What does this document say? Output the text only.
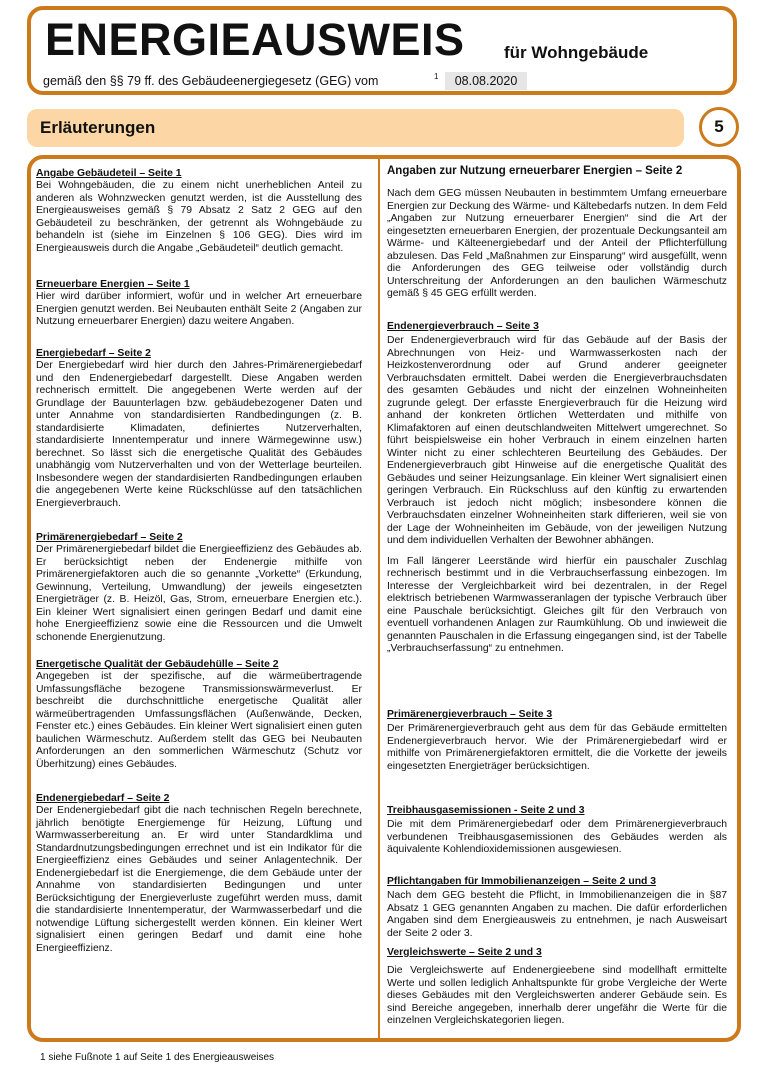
ENERGIEAUSWEIS für Wohngebäude
gemäß den §§ 79 ff. des Gebäudeenergiegesetz (GEG) vom	1	08.08.2020
Erläuterungen	5
Angabe Gebäudeteil – Seite 1

Bei Wohngebäuden, die zu einem nicht unerheblichen Anteil zu anderen als Wohnzwecken genutzt werden, ist die Ausstellung des Energieausweises gemäß § 79 Absatz 2 Satz 2 GEG auf den Gebäudeteil zu beschränken, der getrennt als Wohngebäude zu behandeln ist (siehe im Einzelnen § 106 GEG). Dies wird im Energieausweis durch die Angabe „Gebäudeteil“ deutlich gemacht.

Erneuerbare Energien – Seite 1

Hier wird darüber informiert, wofür und in welcher Art erneuerbare Energien genutzt werden. Bei Neubauten enthält Seite 2 (Angaben zur Nutzung erneuerbarer Energien) dazu weitere Angaben.

Energiebedarf – Seite 2

Der Energiebedarf wird hier durch den Jahres-Primärenergiebedarf und den Endenergiebedarf dargestellt. Diese Angaben werden rechnerisch ermittelt. Die angegebenen Werte werden auf der Grundlage der Bauunterlagen bzw. gebäudebezogener Daten und unter Annahme von standardisierten Randbedingungen (z. B. standardisierte Klimadaten, definiertes Nutzerverhalten, standardisierte Innentemperatur und innere Wärmegewinne usw.) berechnet. So lässt sich die energetische Qualität des Gebäudes unabhängig vom Nutzerverhalten und von der Wetterlage beurteilen. Insbesondere wegen der standardisierten Randbedingungen erlauben die angegebenen Werte keine Rückschlüsse auf den tatsächlichen Energieverbrauch.

Primärenergiebedarf – Seite 2

Der Primärenergiebedarf bildet die Energieeffizienz des Gebäudes ab. Er berücksichtigt neben der Endenergie mithilfe von Primärenergiefaktoren auch die so genannte „Vorkette“ (Erkundung, Gewinnung, Verteilung, Umwandlung) der jeweils eingesetzten Energieträger (z. B. Heizöl, Gas, Strom, erneuerbare Energien etc.). Ein kleiner Wert signalisiert einen geringen Bedarf und damit eine hohe Energieeffizienz sowie eine die Ressourcen und die Umwelt schonende Energienutzung.

Energetische Qualität der Gebäudehülle – Seite 2

Angegeben ist der spezifische, auf die wärmeübertragende Umfassungsfläche bezogene Transmissionswärmeverlust. Er beschreibt die durchschnittliche energetische Qualität aller wärmeübertragenden Umfassungsflächen (Außenwände, Decken, Fenster etc.) eines Gebäudes. Ein kleiner Wert signalisiert einen guten baulichen Wärmeschutz. Außerdem stellt das GEG bei Neubauten Anforderungen an den sommerlichen Wärmeschutz (Schutz vor Überhitzung) eines Gebäudes.

Endenergiebedarf – Seite 2

Der Endenergiebedarf gibt die nach technischen Regeln berechnete, jährlich benötigte Energiemenge für Heizung, Lüftung und Warmwasserbereitung an. Er wird unter Standardklima und Standardnutzungsbedingungen errechnet und ist ein Indikator für die Energieeffizienz eines Gebäudes und seiner Anlagentechnik. Der Endenergiebedarf ist die Energiemenge, die dem Gebäude unter der Annahme von standardisierten Bedingungen und unter Berücksichtigung der Energieverluste zugeführt werden muss, damit die standardisierte Innentemperatur, der Warmwasserbedarf und die notwendige Lüftung sichergestellt werden können. Ein kleiner Wert signalisiert einen geringen Bedarf und damit eine hohe Energieeffizienz.

Angaben zur Nutzung erneuerbarer Energien – Seite 2

Nach dem GEG müssen Neubauten in bestimmtem Umfang erneuerbare Energien zur Deckung des Wärme- und Kältebedarfs nutzen. In dem Feld „Angaben zur Nutzung erneuerbarer Energien“ sind die Art der eingesetzten erneuerbaren Energien, der prozentuale Deckungsanteil am Wärme- und Kälteenergiebedarf und der Anteil der Pflichterfüllung abzulesen. Das Feld „Maßnahmen zur Einsparung“ wird ausgefüllt, wenn die Anforderungen des GEG teilweise oder vollständig durch Unterschreitung der Anforderungen an den baulichen Wärmeschutz gemäß § 45 GEG erfüllt werden.

Endenergieverbrauch – Seite 3

Der Endenergieverbrauch wird für das Gebäude auf der Basis der Abrechnungen von Heiz- und Warmwasserkosten nach der Heizkostenverordnung oder auf Grund anderer geeigneter Verbrauchsdaten ermittelt. Dabei werden die Energieverbrauchsdaten des gesamten Gebäudes und nicht der einzelnen Wohneinheiten zugrunde gelegt. Der erfasste Energieverbrauch für die Heizung wird anhand der konkreten örtlichen Wetterdaten und mithilfe von Klimafaktoren auf einen deutschlandweiten Mittelwert umgerechnet. So führt beispielsweise ein hoher Verbrauch in einem einzelnen harten Winter nicht zu einer schlechteren Beurteilung des Gebäudes. Der Endenergieverbrauch gibt Hinweise auf die energetische Qualität des Gebäudes und seiner Heizungsanlage. Ein kleiner Wert signalisiert einen geringen Verbrauch. Ein Rückschluss auf den künftig zu erwartenden Verbrauch ist jedoch nicht möglich; insbesondere können die Verbrauchsdaten einzelner Wohneinheiten stark differieren, weil sie von der Lage der Wohneinheiten im Gebäude, von der jeweiligen Nutzung und dem individuellen Verhalten der Bewohner abhängen.

Im Fall längerer Leerstände wird hierfür ein pauschaler Zuschlag rechnerisch bestimmt und in die Verbrauchserfassung einbezogen. Im Interesse der Vergleichbarkeit wird bei dezentralen, in der Regel elektrisch betriebenen Warmwasseranlagen der typische Verbrauch über eine Pauschale berücksichtigt. Gleiches gilt für den Verbrauch von eventuell vorhandenen Anlagen zur Raumkühlung. Ob und inwieweit die genannten Pauschalen in die Erfassung eingegangen sind, ist der Tabelle „Verbrauchserfassung“ zu entnehmen.

Primärenergieverbrauch – Seite 3

Der Primärenergieverbrauch geht aus dem für das Gebäude ermittelten Endenergieverbrauch hervor. Wie der Primärenergiebedarf wird er mithilfe von Primärenergiefaktoren ermittelt, die die Vorkette der jeweils eingesetzten Energieträger berücksichtigen.

Treibhausgasemissionen - Seite 2 und 3

Die mit dem Primärenergiebedarf oder dem Primärenergieverbrauch verbundenen Treibhausgasemissionen des Gebäudes werden als äquivalente Kohlendioxidemissionen ausgewiesen.

Pflichtangaben für Immobilienanzeigen – Seite 2 und 3

Nach dem GEG besteht die Pflicht, in Immobilienanzeigen die in §87 Absatz 1 GEG genannten Angaben zu machen. Die dafür erforderlichen Angaben sind dem Energieausweis zu entnehmen, je nach Ausweisart der Seite 2 oder 3.

Vergleichswerte – Seite 2 und 3

Die Vergleichswerte auf Endenergieebene sind modellhaft ermittelte Werte und sollen lediglich Anhaltspunkte für grobe Vergleiche der Werte dieses Gebäudes mit den Vergleichswerten anderer Gebäude sein. Es sind Bereiche angegeben, innerhalb derer ungefähr die Werte für die einzelnen Vergleichskategorien liegen.

1 siehe Fußnote 1 auf Seite 1 des Energieausweises
